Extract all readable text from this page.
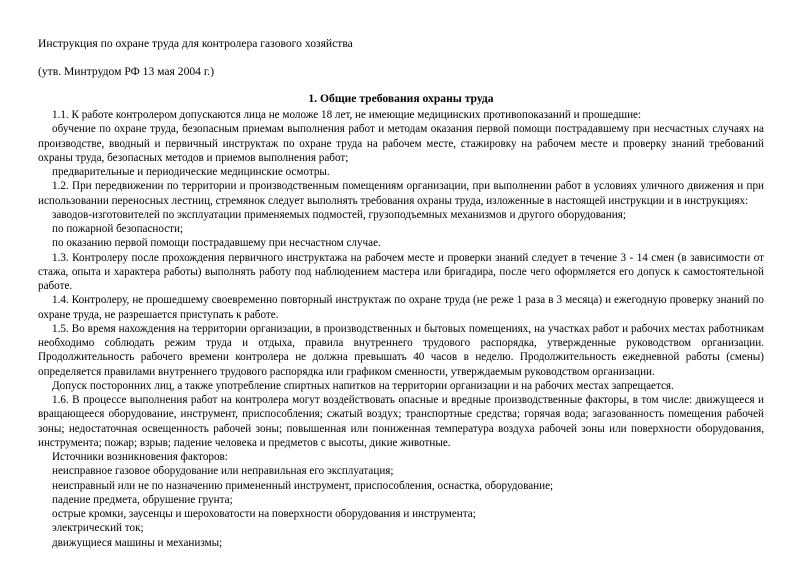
Инструкция по охране труда для контролера газового хозяйства

(утв. Минтрудом РФ 13 мая 2004 г.)

1. Общие требования охраны труда

1.1. К работе контролером допускаются лица не моложе 18 лет, не имеющие медицинских противопоказаний и прошедшие:

обучение по охране труда, безопасным приемам выполнения работ и методам оказания первой помощи пострадавшему при несчастных случаях на производстве, вводный и первичный инструктаж по охране труда на рабочем месте, стажировку на рабочем месте и проверку знаний требований охраны труда, безопасных методов и приемов выполнения работ;

предварительные и периодические медицинские осмотры.

1.2. При передвижении по территории и производственным помещениям организации, при выполнении работ в условиях уличного движения и при использовании переносных лестниц, стремянок следует выполнять требования охраны труда, изложенные в настоящей инструкции и в инструкциях:

заводов-изготовителей по эксплуатации применяемых подмостей, грузоподъемных механизмов и другого оборудования;

по пожарной безопасности;

по оказанию первой помощи пострадавшему при несчастном случае.

1.3. Контролеру после прохождения первичного инструктажа на рабочем месте и проверки знаний следует в течение 3 - 14 смен (в зависимости от стажа, опыта и характера работы) выполнять работу под наблюдением мастера или бригадира, после чего оформляется его допуск к самостоятельной работе.

1.4. Контролеру, не прошедшему своевременно повторный инструктаж по охране труда (не реже 1 раза в 3 месяца) и ежегодную проверку знаний по охране труда, не разрешается приступать к работе.

1.5. Во время нахождения на территории организации, в производственных и бытовых помещениях, на участках работ и рабочих местах работникам необходимо соблюдать режим труда и отдыха, правила внутреннего трудового распорядка, утвержденные руководством организации. Продолжительность рабочего времени контролера не должна превышать 40 часов в неделю. Продолжительность ежедневной работы (смены) определяется правилами внутреннего трудового распорядка или графиком сменности, утверждаемым руководством организации.

Допуск посторонних лиц, а также употребление спиртных напитков на территории организации и на рабочих местах запрещается.

1.6. В процессе выполнения работ на контролера могут воздействовать опасные и вредные производственные факторы, в том числе: движущееся и вращающееся оборудование, инструмент, приспособления; сжатый воздух; транспортные средства; горячая вода; загазованность помещения рабочей зоны; недостаточная освещенность рабочей зоны; повышенная или пониженная температура воздуха рабочей зоны или поверхности оборудования, инструмента; пожар; взрыв; падение человека и предметов с высоты, дикие животные.

Источники возникновения факторов:

неисправное газовое оборудование или неправильная его эксплуатация;

неисправный или не по назначению примененный инструмент, приспособления, оснастка, оборудование;

падение предмета, обрушение грунта;

острые кромки, заусенцы и шероховатости на поверхности оборудования и инструмента;

электрический ток;

движущиеся машины и механизмы;
